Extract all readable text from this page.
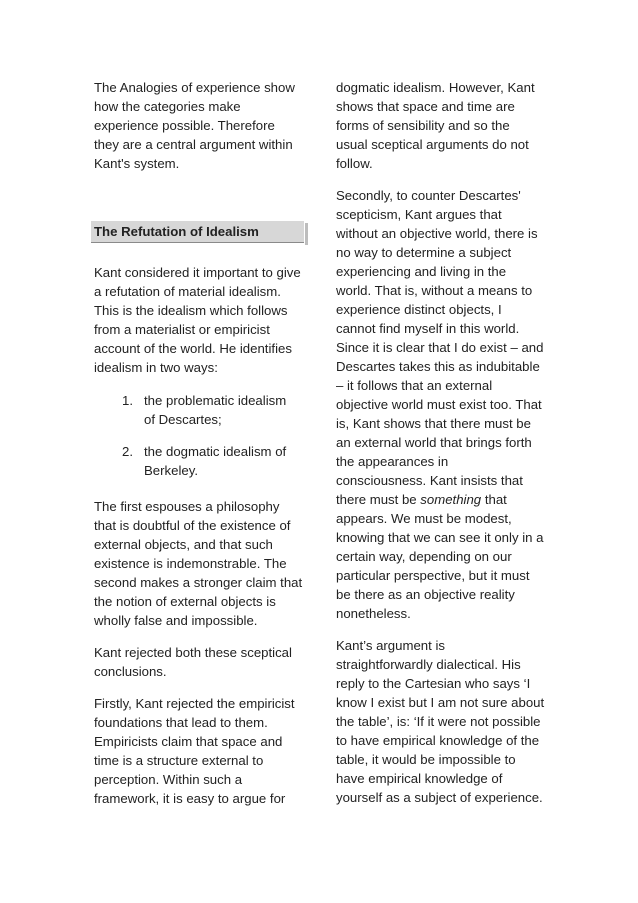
The Analogies of experience show
how the categories make
experience possible. Therefore
they are a central argument within
Kant's system.
The Refutation of Idealism
Kant considered it important to give
a refutation of material idealism.
This is the idealism which follows
from a materialist or empiricist
account of the world. He identifies
idealism in two ways:
1. the problematic idealism
of Descartes;
2. the dogmatic idealism of
Berkeley.
The first espouses a philosophy
that is doubtful of the existence of
external objects, and that such
existence is indemonstrable. The
second makes a stronger claim that
the notion of external objects is
wholly false and impossible.
Kant rejected both these sceptical
conclusions.
Firstly, Kant rejected the empiricist
foundations that lead to them.
Empiricists claim that space and
time is a structure external to
perception. Within such a
framework, it is easy to argue for
dogmatic idealism. However, Kant
shows that space and time are
forms of sensibility and so the
usual sceptical arguments do not
follow.
Secondly, to counter Descartes'
scepticism, Kant argues that
without an objective world, there is
no way to determine a subject
experiencing and living in the
world. That is, without a means to
experience distinct objects, I
cannot find myself in this world.
Since it is clear that I do exist – and
Descartes takes this as indubitable
– it follows that an external
objective world must exist too. That
is, Kant shows that there must be
an external world that brings forth
the appearances in
consciousness. Kant insists that
there must be something that
appears. We must be modest,
knowing that we can see it only in a
certain way, depending on our
particular perspective, but it must
be there as an objective reality
nonetheless.
Kant’s argument is
straightforwardly dialectical. His
reply to the Cartesian who says ‘I
know I exist but I am not sure about
the table’, is: ‘If it were not possible
to have empirical knowledge of the
table, it would be impossible to
have empirical knowledge of
yourself as a subject of experience.
